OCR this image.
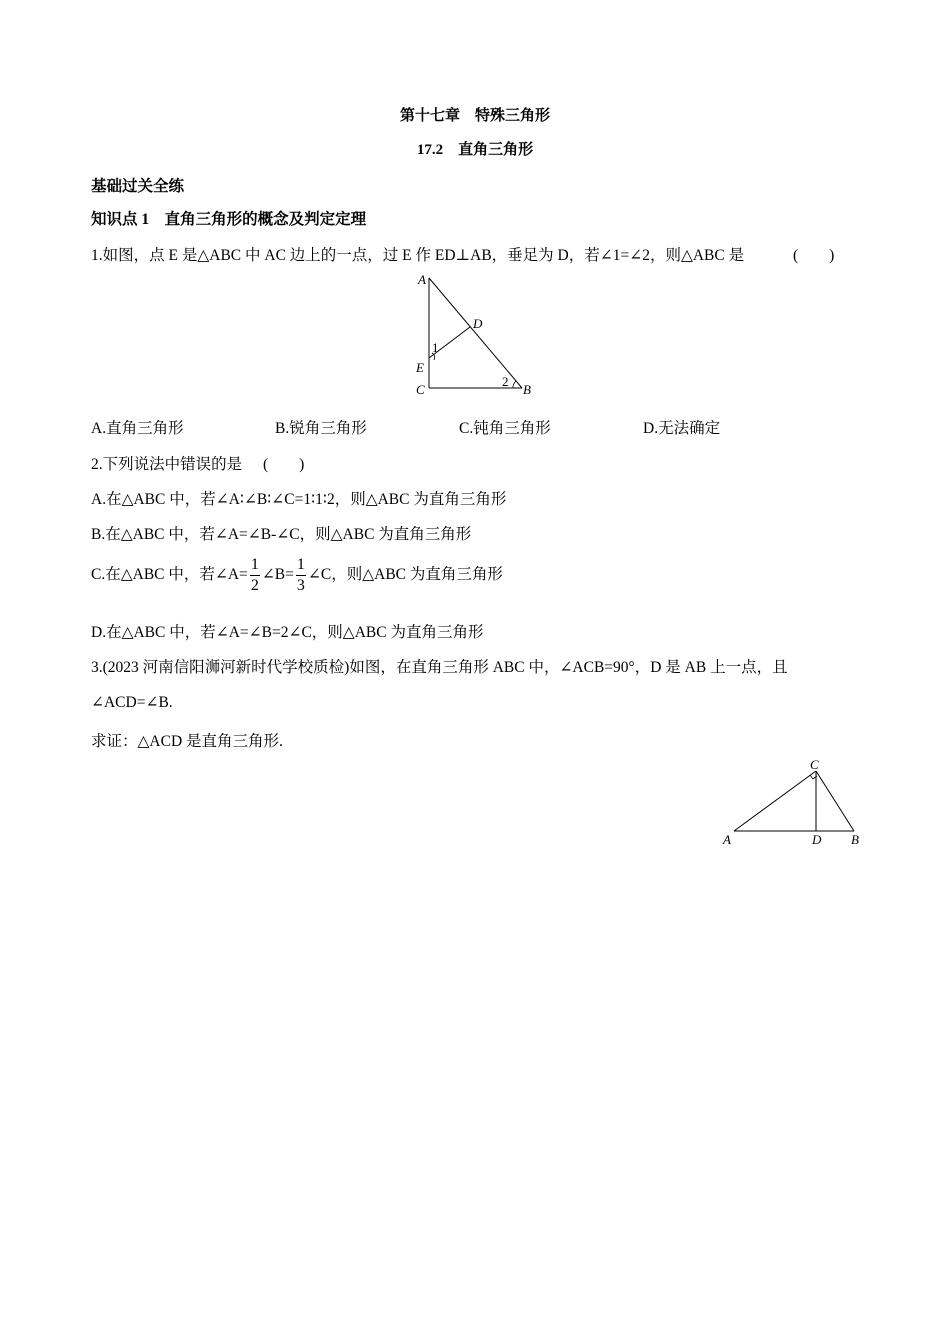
第十七章　特殊三角形
17.2　直角三角形
基础过关全练
知识点 1　直角三角形的概念及判定定理
1.如图，点 E 是△ABC 中 AC 边上的一点，过 E 作 ED⊥AB，垂足为 D，若∠1=∠2，则△ABC 是	(　　)
A
D
1
E
C
2
B
A.直角三角形	B.锐角三角形	C.钝角三角形	D.无法确定
2.下列说法中错误的是 (　　)
A.在△ABC 中，若∠A∶∠B∶∠C=1∶1∶2，则△ABC 为直角三角形
B.在△ABC 中，若∠A=∠B-∠C，则△ABC 为直角三角形
C.在△ABC 中，若∠A= $\frac{1}{2}$ ∠B= $\frac{1}{3}$ ∠C，则△ABC 为直角三角形
D.在△ABC 中，若∠A=∠B=2∠C，则△ABC 为直角三角形
3.(2023 河南信阳浉河新时代学校质检)如图，在直角三角形 ABC 中，∠ACB=90°，D 是 AB 上一点，且
∠ACD=∠B.
求证：△ACD 是直角三角形.
C
A	D B
